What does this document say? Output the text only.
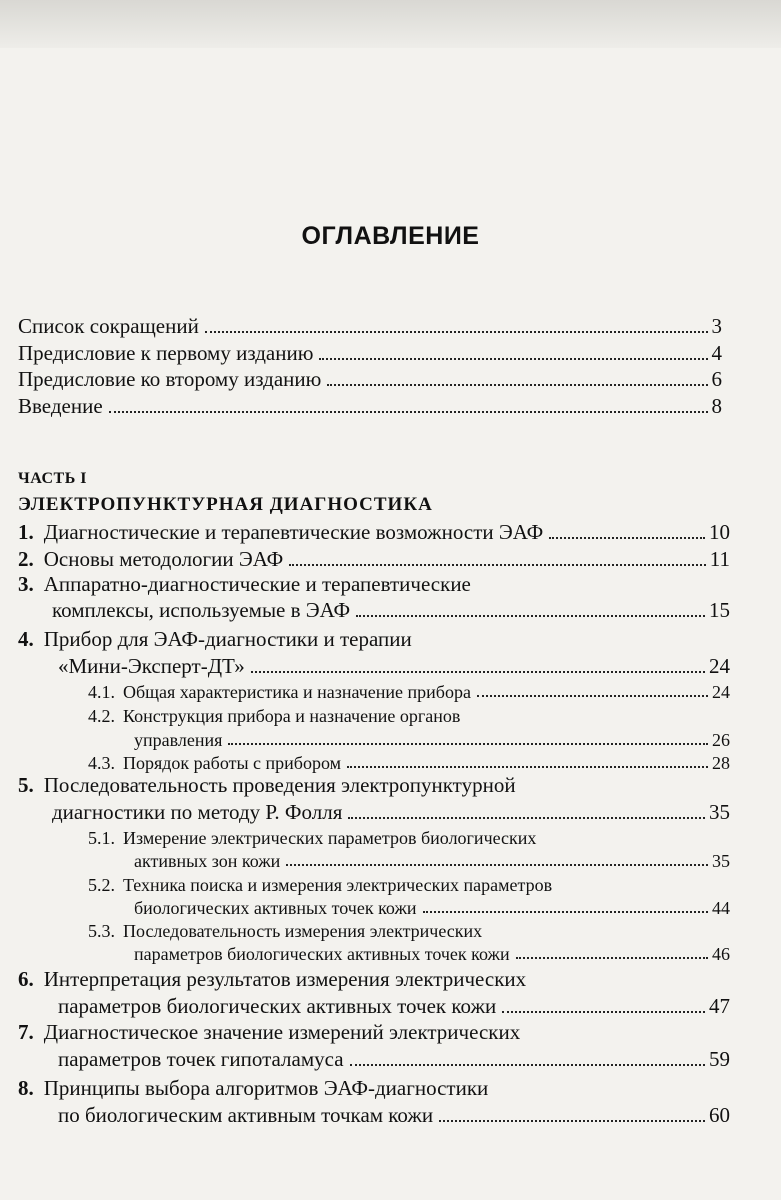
ОГЛАВЛЕНИЕ
Список сокращений	3
Предисловие к первому изданию	4
Предисловие ко второму изданию	6
Введение	8
ЧАСТЬ I
ЭЛЕКТРОПУНКТУРНАЯ ДИАГНОСТИКА
1. Диагностические и терапевтические возможности ЭАФ	10
2. Основы методологии ЭАФ	11
3. Аппаратно-диагностические и терапевтические
комплексы, используемые в ЭАФ	15
4. Прибор для ЭАФ-диагностики и терапии
«Мини-Эксперт-ДТ»	24
4.1. Общая характеристика и назначение прибора	24
4.2. Конструкция прибора и назначение органов
управления	26
4.3. Порядок работы с прибором	28
5. Последовательность проведения электропунктурной
диагностики по методу Р. Фолля	35
5.1. Измерение электрических параметров биологических
активных зон кожи	35
5.2. Техника поиска и измерения электрических параметров
биологических активных точек кожи	44
5.3. Последовательность измерения электрических
параметров биологических активных точек кожи	46
6. Интерпретация результатов измерения электрических
параметров биологических активных точек кожи	47
7. Диагностическое значение измерений электрических
параметров точек гипоталамуса	59
8. Принципы выбора алгоритмов ЭАФ-диагностики
по биологическим активным точкам кожи	60
